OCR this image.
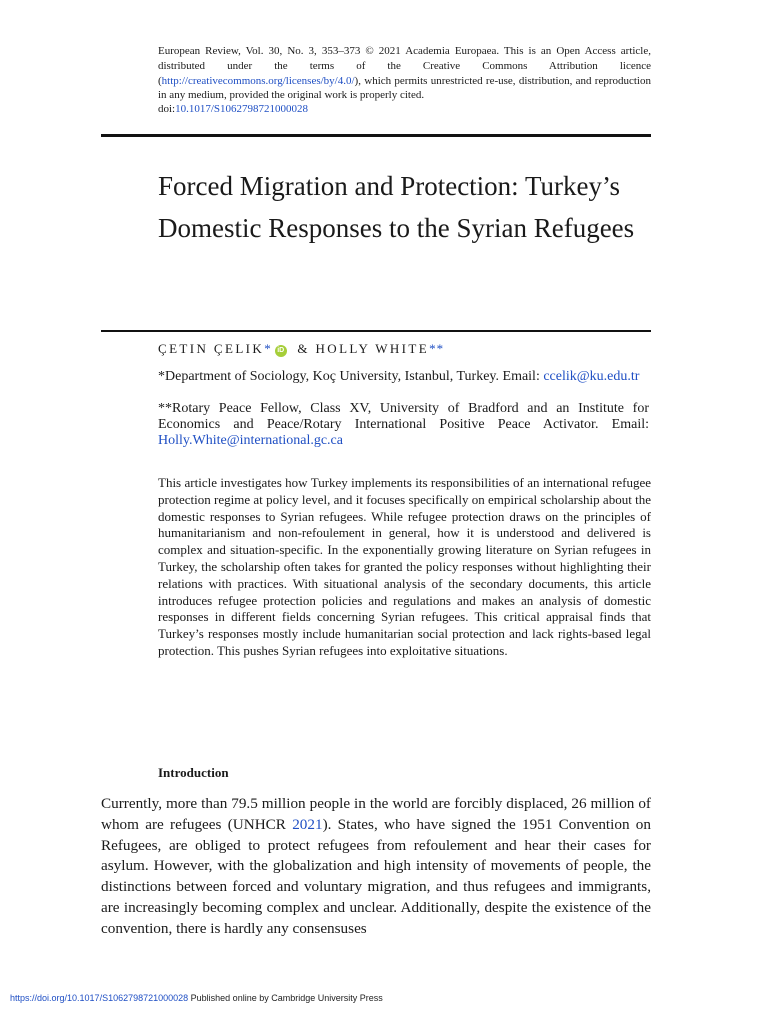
European Review, Vol. 30, No. 3, 353–373 © 2021 Academia Europaea. This is an Open Access article, distributed under the terms of the Creative Commons Attribution licence (http://creativecommons.org/licenses/by/4.0/), which permits unrestricted re-use, distribution, and reproduction in any medium, provided the original work is properly cited.
doi:10.1017/S1062798721000028
Forced Migration and Protection: Turkey’s Domestic Responses to the Syrian Refugees
ÇETIN ÇELIK* iD & HOLLY WHITE**
*Department of Sociology, Koç University, Istanbul, Turkey. Email: ccelik@ku.edu.tr
**Rotary Peace Fellow, Class XV, University of Bradford and an Institute for Economics and Peace/Rotary International Positive Peace Activator. Email: Holly.White@international.gc.ca
This article investigates how Turkey implements its responsibilities of an international refugee protection regime at policy level, and it focuses specifically on empirical scholarship about the domestic responses to Syrian refugees. While refugee protection draws on the principles of humanitarianism and non-refoulement in general, how it is understood and delivered is complex and situation-specific. In the exponentially growing literature on Syrian refugees in Turkey, the scholarship often takes for granted the policy responses without highlighting their relations with practices. With situational analysis of the secondary documents, this article introduces refugee protection policies and regulations and makes an analysis of domestic responses in different fields concerning Syrian refugees. This critical appraisal finds that Turkey’s responses mostly include humanitarian social protection and lack rights-based legal protection. This pushes Syrian refugees into exploitative situations.
Introduction
Currently, more than 79.5 million people in the world are forcibly displaced, 26 million of whom are refugees (UNHCR 2021). States, who have signed the 1951 Convention on Refugees, are obliged to protect refugees from refoulement and hear their cases for asylum. However, with the globalization and high intensity of movements of people, the distinctions between forced and voluntary migration, and thus refugees and immigrants, are increasingly becoming complex and unclear. Additionally, despite the existence of the convention, there is hardly any consensuses
https://doi.org/10.1017/S1062798721000028 Published online by Cambridge University Press
